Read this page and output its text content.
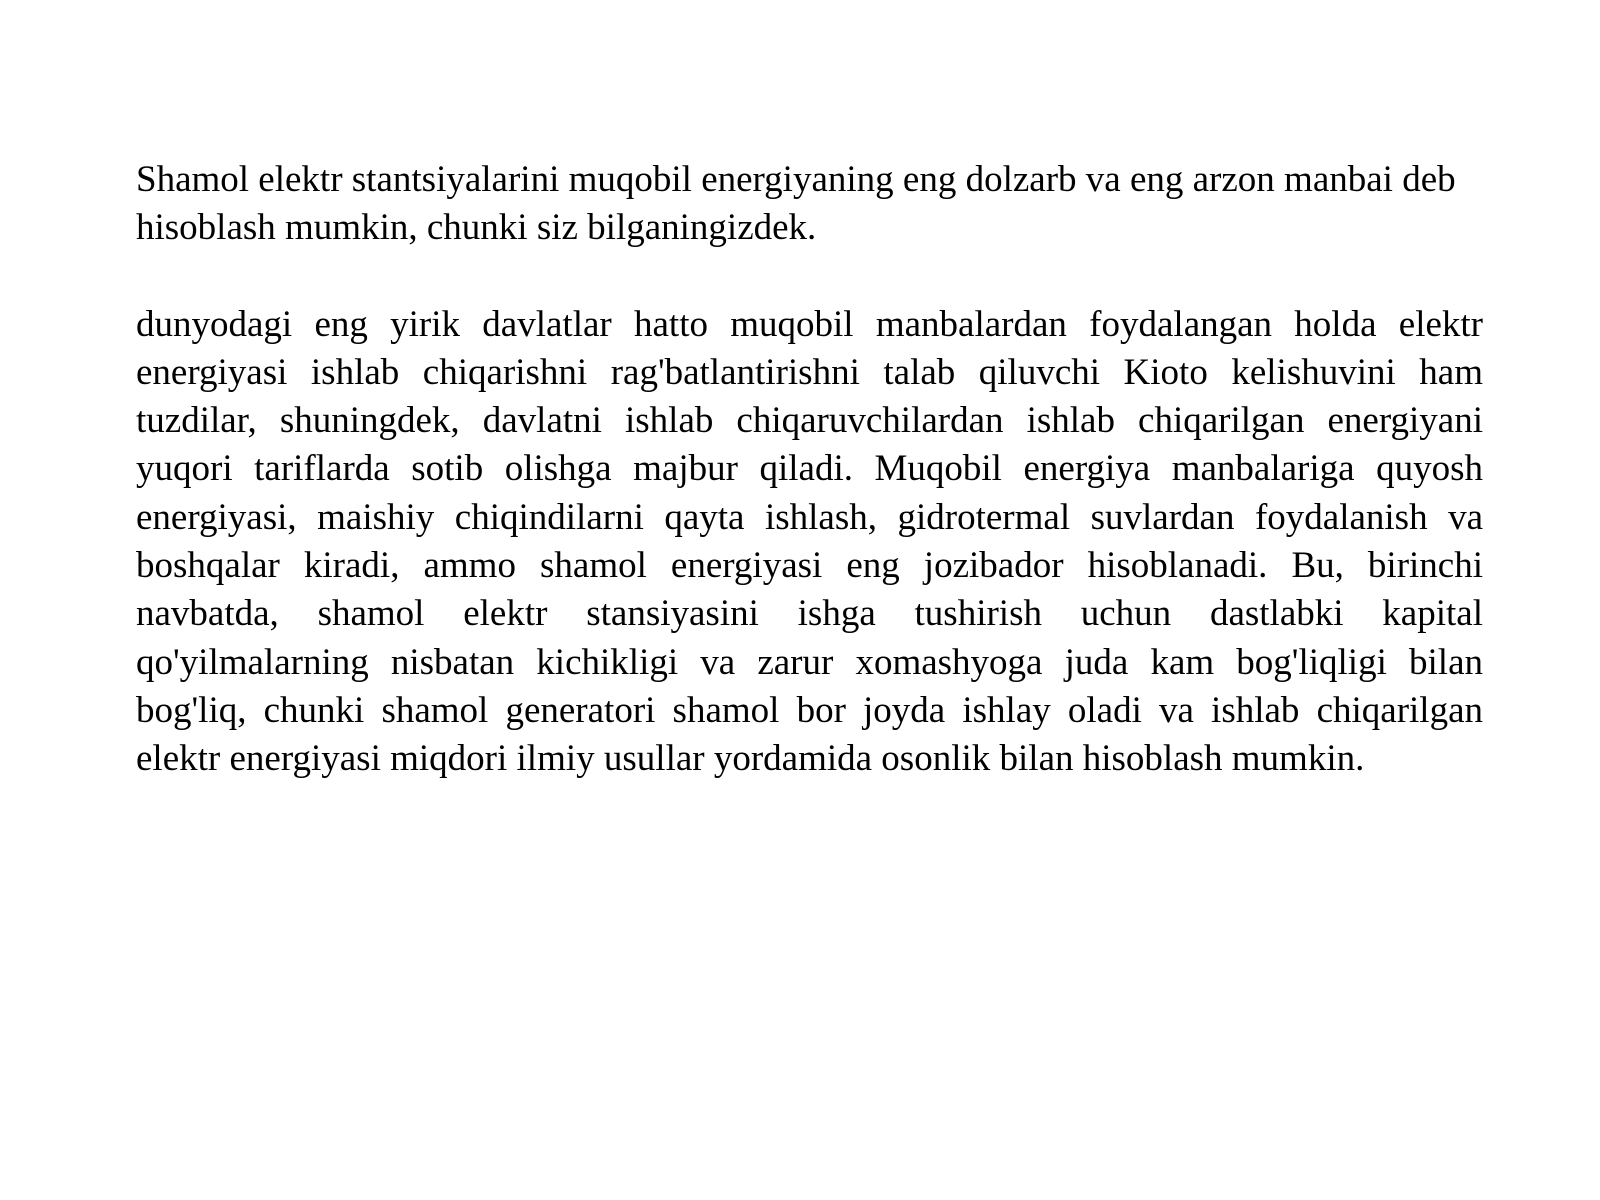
Shamol elektr stantsiyalarini muqobil energiyaning eng dolzarb va eng arzon manbai deb hisoblash mumkin, chunki siz bilganingizdek.

dunyodagi eng yirik davlatlar hatto muqobil manbalardan foydalangan holda elektr energiyasi ishlab chiqarishni rag'batlantirishni talab qiluvchi Kioto kelishuvini ham tuzdilar, shuningdek, davlatni ishlab chiqaruvchilardan ishlab chiqarilgan energiyani yuqori tariflarda sotib olishga majbur qiladi. Muqobil energiya manbalariga quyosh energiyasi, maishiy chiqindilarni qayta ishlash, gidrotermal suvlardan foydalanish va boshqalar kiradi, ammo shamol energiyasi eng jozibador hisoblanadi. Bu, birinchi navbatda, shamol elektr stansiyasini ishga tushirish uchun dastlabki kapital qo'yilmalarning nisbatan kichikligi va zarur xomashyoga juda kam bog'liqligi bilan bog'liq, chunki shamol generatori shamol bor joyda ishlay oladi va ishlab chiqarilgan elektr energiyasi miqdori ilmiy usullar yordamida osonlik bilan hisoblash mumkin.
